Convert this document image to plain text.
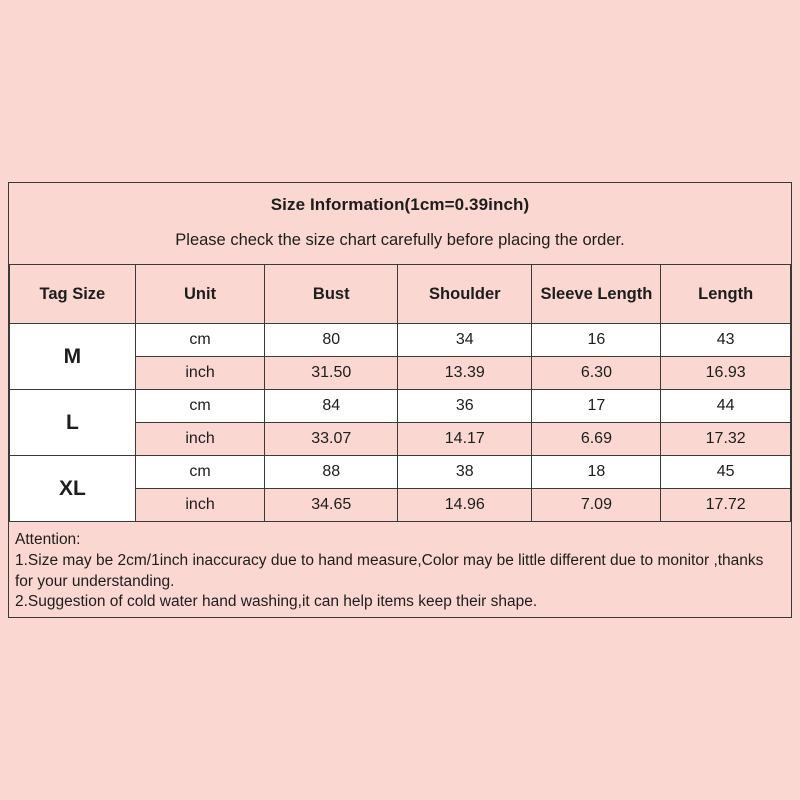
Size Information(1cm=0.39inch)
Please check the size chart carefully before placing the order.
Tag Size	Unit	Bust	Shoulder	Sleeve Length	Length
M	cm	80	34	16	43
	inch	31.50	13.39	6.30	16.93
L	cm	84	36	17	44
	inch	33.07	14.17	6.69	17.32
XL	cm	88	38	18	45
	inch	34.65	14.96	7.09	17.72
Attention:
1.Size may be 2cm/1inch inaccuracy due to hand measure,Color may be little different due to monitor ,thanks for your understanding.
2.Suggestion of cold water hand washing,it can help items keep their shape.
